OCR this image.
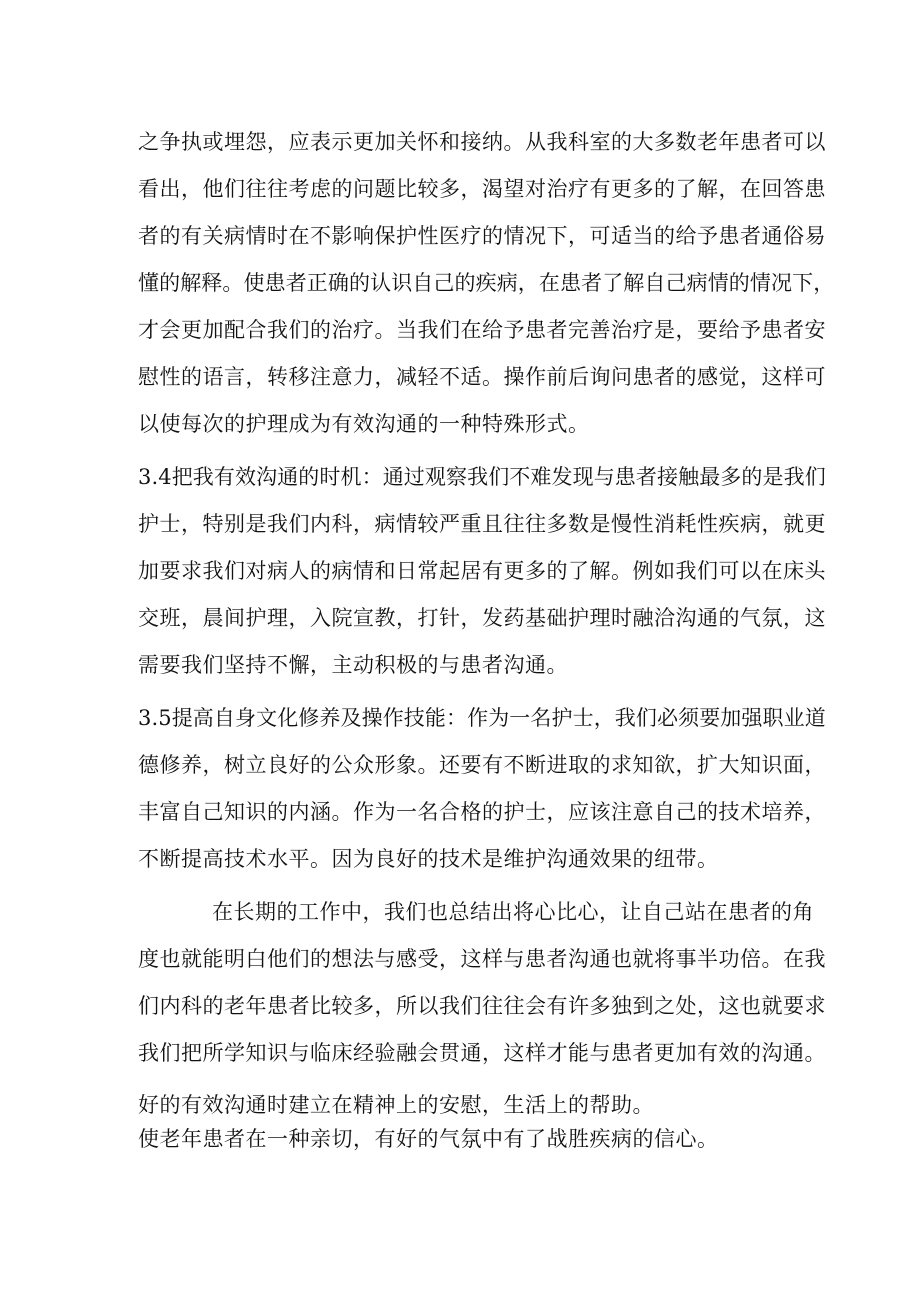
之争执或埋怨，应表示更加关怀和接纳。从我科室的大多数老年患者可以
看出，他们往往考虑的问题比较多，渴望对治疗有更多的了解，在回答患
者的有关病情时在不影响保护性医疗的情况下，可适当的给予患者通俗易
懂的解释。使患者正确的认识自己的疾病，在患者了解自己病情的情况下，
才会更加配合我们的治疗。当我们在给予患者完善治疗是，要给予患者安
慰性的语言，转移注意力，减轻不适。操作前后询问患者的感觉，这样可
以使每次的护理成为有效沟通的一种特殊形式。
3.4把我有效沟通的时机：通过观察我们不难发现与患者接触最多的是我们
护士，特别是我们内科，病情较严重且往往多数是慢性消耗性疾病，就更
加要求我们对病人的病情和日常起居有更多的了解。例如我们可以在床头
交班，晨间护理，入院宣教，打针，发药基础护理时融洽沟通的气氛，这
需要我们坚持不懈，主动积极的与患者沟通。
3.5提高自身文化修养及操作技能：作为一名护士，我们必须要加强职业道
德修养，树立良好的公众形象。还要有不断进取的求知欲，扩大知识面，
丰富自己知识的内涵。作为一名合格的护士，应该注意自己的技术培养，
不断提高技术水平。因为良好的技术是维护沟通效果的纽带。
在长期的工作中，我们也总结出将心比心，让自己站在患者的角
度也就能明白他们的想法与感受，这样与患者沟通也就将事半功倍。在我
们内科的老年患者比较多，所以我们往往会有许多独到之处，这也就要求
我们把所学知识与临床经验融会贯通，这样才能与患者更加有效的沟通。
好的有效沟通时建立在精神上的安慰，生活上的帮助。
使老年患者在一种亲切，有好的气氛中有了战胜疾病的信心。
